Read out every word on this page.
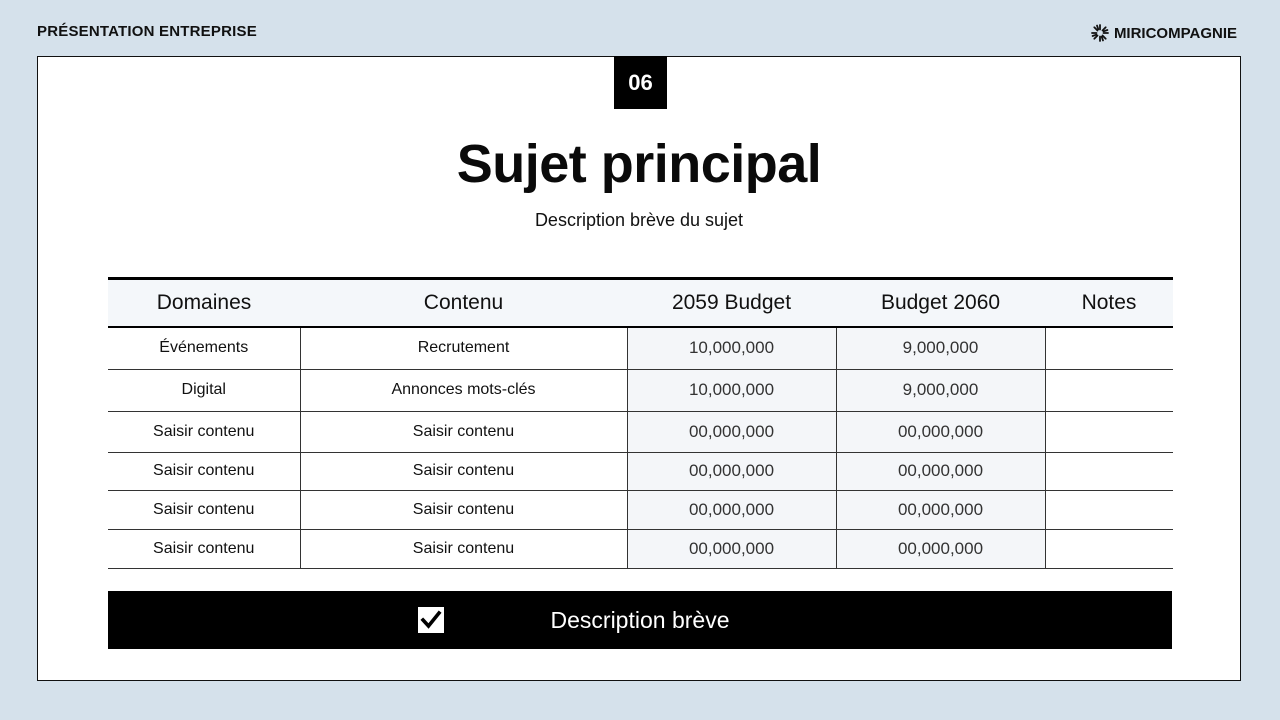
PRÉSENTATION ENTREPRISE	MIRICOMPAGNIE
06
Sujet principal
Description brève du sujet
Domaines	Contenu	2059 Budget	Budget 2060	Notes
Événements	Recrutement	10,000,000	9,000,000	
Digital	Annonces mots-clés	10,000,000	9,000,000	
Saisir contenu	Saisir contenu	00,000,000	00,000,000	
Saisir contenu	Saisir contenu	00,000,000	00,000,000	
Saisir contenu	Saisir contenu	00,000,000	00,000,000	
Saisir contenu	Saisir contenu	00,000,000	00,000,000	
Description brève
